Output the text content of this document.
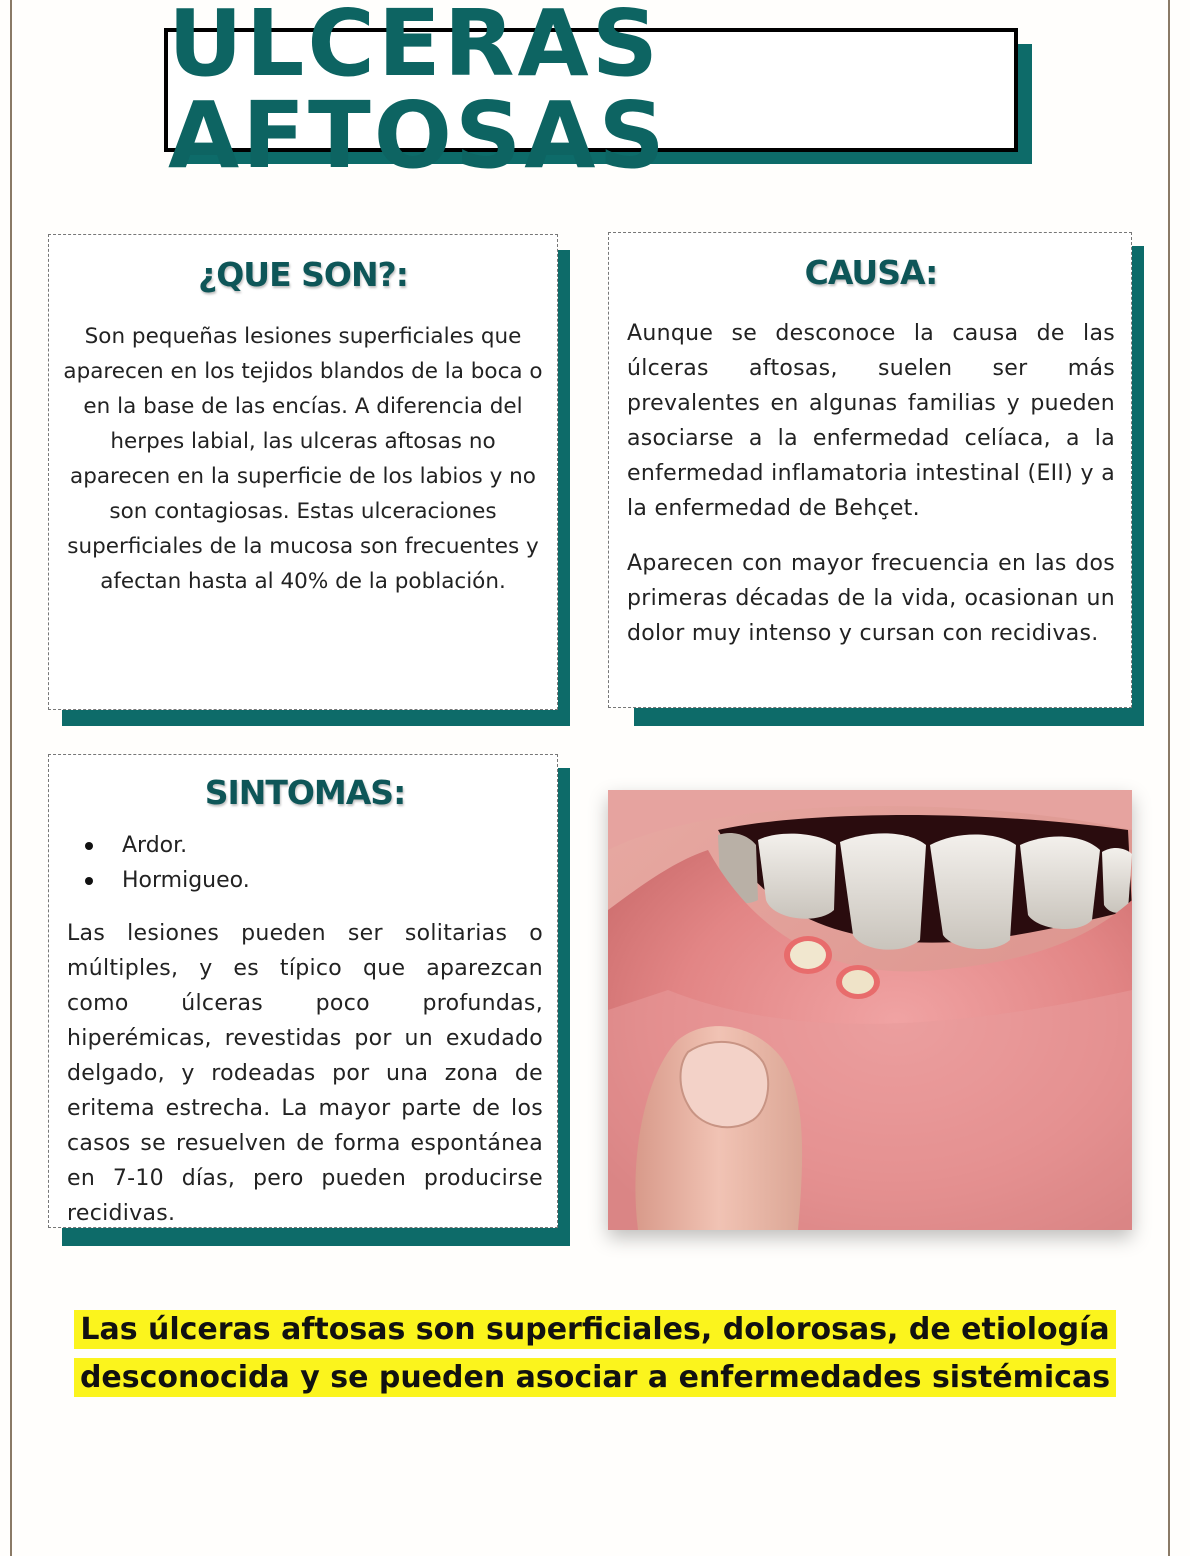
ULCERAS AFTOSAS
¿QUE SON?:
Son pequeñas lesiones superficiales que aparecen en los tejidos blandos de la boca o en la base de las encías. A diferencia del herpes labial, las ulceras aftosas no aparecen en la superficie de los labios y no son contagiosas. Estas ulceraciones superficiales de la mucosa son frecuentes y afectan hasta al 40% de la población.
CAUSA:
Aunque se desconoce la causa de las úlceras aftosas, suelen ser más prevalentes en algunas familias y pueden asociarse a la enfermedad celíaca, a la enfermedad inflamatoria intestinal (EII) y a la enfermedad de Behçet.
Aparecen con mayor frecuencia en las dos primeras décadas de la vida, ocasionan un dolor muy intenso y cursan con recidivas.
SINTOMAS:
Ardor.
Hormigueo.
Las lesiones pueden ser solitarias o múltiples, y es típico que aparezcan como úlceras poco profundas, hiperémicas, revestidas por un exudado delgado, y rodeadas por una zona de eritema estrecha. La mayor parte de los casos se resuelven de forma espontánea en 7-10 días, pero pueden producirse recidivas.
Las úlceras aftosas son superficiales, dolorosas, de etiología
desconocida y se pueden asociar a enfermedades sistémicas
